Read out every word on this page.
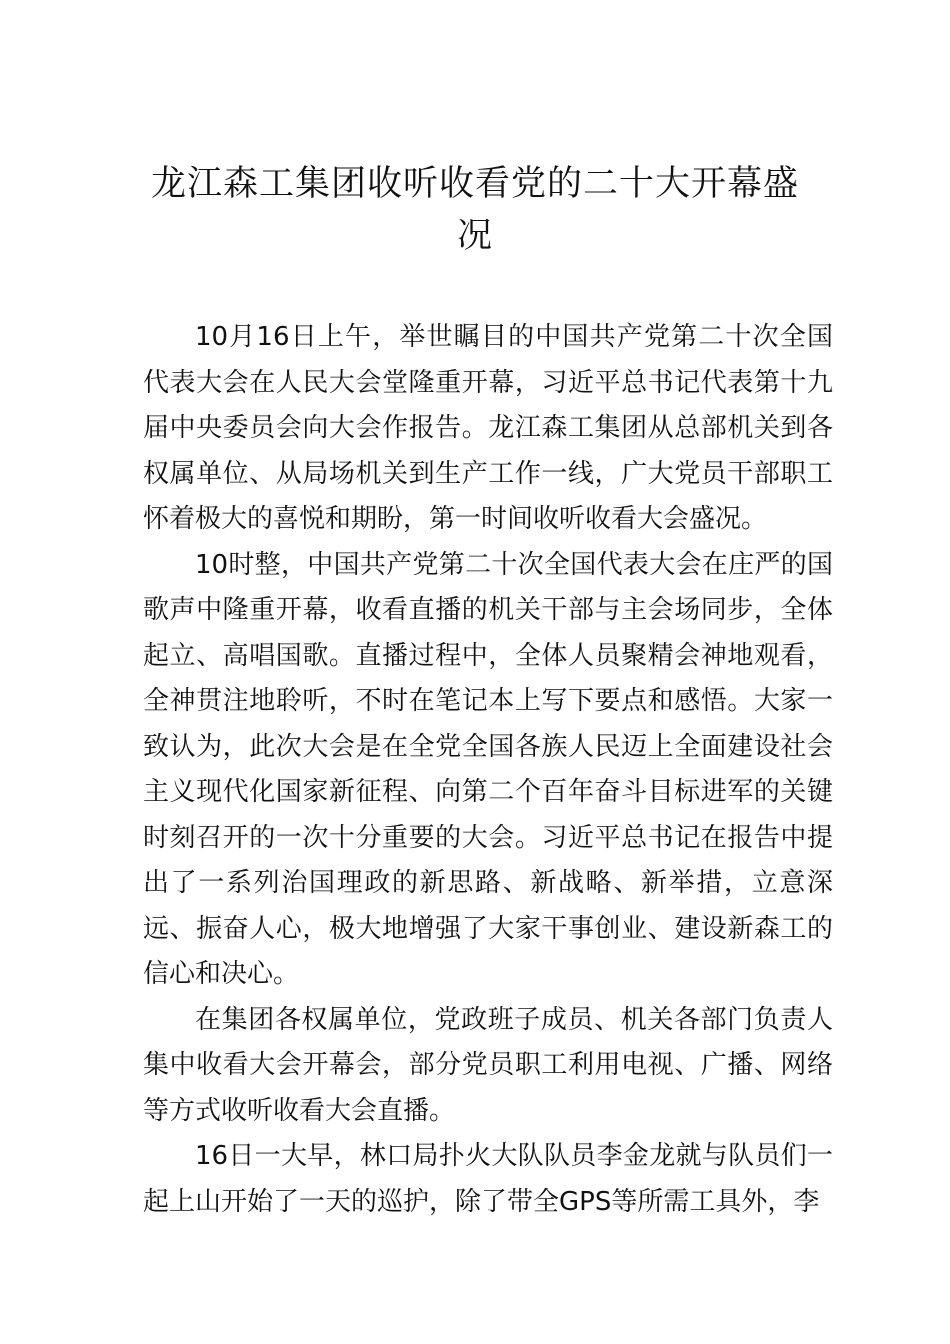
龙江森工集团收听收看党的二十大开幕盛况

10月16日上午，举世瞩目的中国共产党第二十次全国代表大会在人民大会堂隆重开幕，习近平总书记代表第十九届中央委员会向大会作报告。龙江森工集团从总部机关到各权属单位、从局场机关到生产工作一线，广大党员干部职工怀着极大的喜悦和期盼，第一时间收听收看大会盛况。

10时整，中国共产党第二十次全国代表大会在庄严的国歌声中隆重开幕，收看直播的机关干部与主会场同步，全体起立、高唱国歌。直播过程中，全体人员聚精会神地观看， 全神贯注地聆听，不时在笔记本上写下要点和感悟。大家一致认为，此次大会是在全党全国各族人民迈上全面建设社会主义现代化国家新征程、向第二个百年奋斗目标进军的关键时刻召开的一次十分重要的大会。习近平总书记在报告中提出了一系列治国理政的新思路、新战略、新举措，立意深远、振奋人心，极大地增强了大家干事创业、建设新森工的信心和决心。

在集团各权属单位，党政班子成员、机关各部门负责人集中收看大会开幕会，部分党员职工利用电视、广播、网络等方式收听收看大会直播。

16日一大早，林口局扑火大队队员李金龙就与队员们一起上山开始了一天的巡护，除了带全GPS等所需工具外，李
